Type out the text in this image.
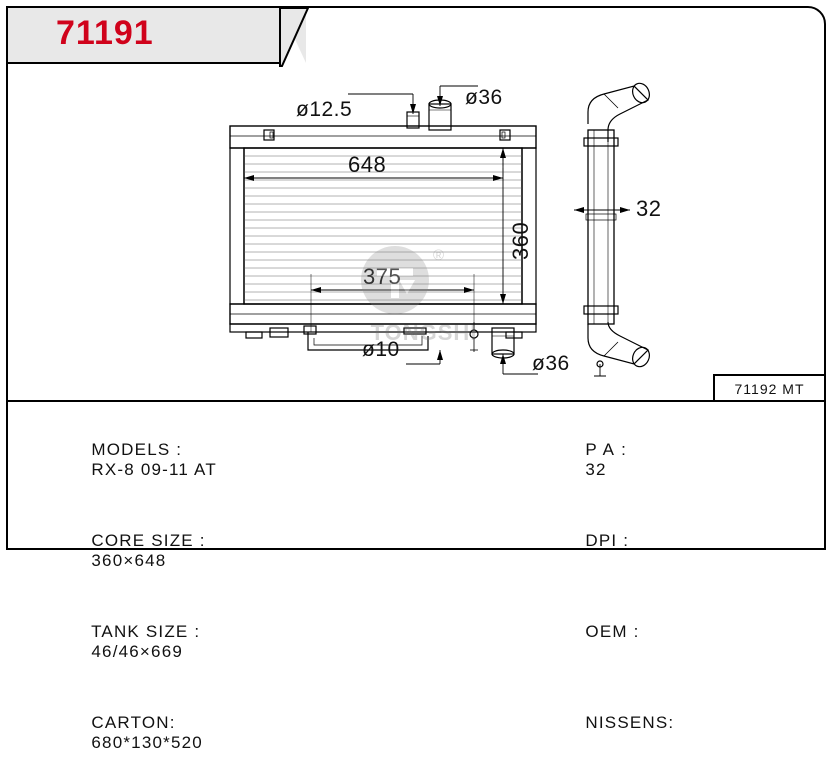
71191
648
360
375
ø12.5
ø36
ø10
ø36
32
®
TONGSHI
71192 MT

MODELS :
RX-8 09-11 AT

CORE SIZE :
360×648

TANK SIZE :
46/46×669

CARTON:
680*130*520

P A :
32

DPI :

OEM :

NISSENS:
